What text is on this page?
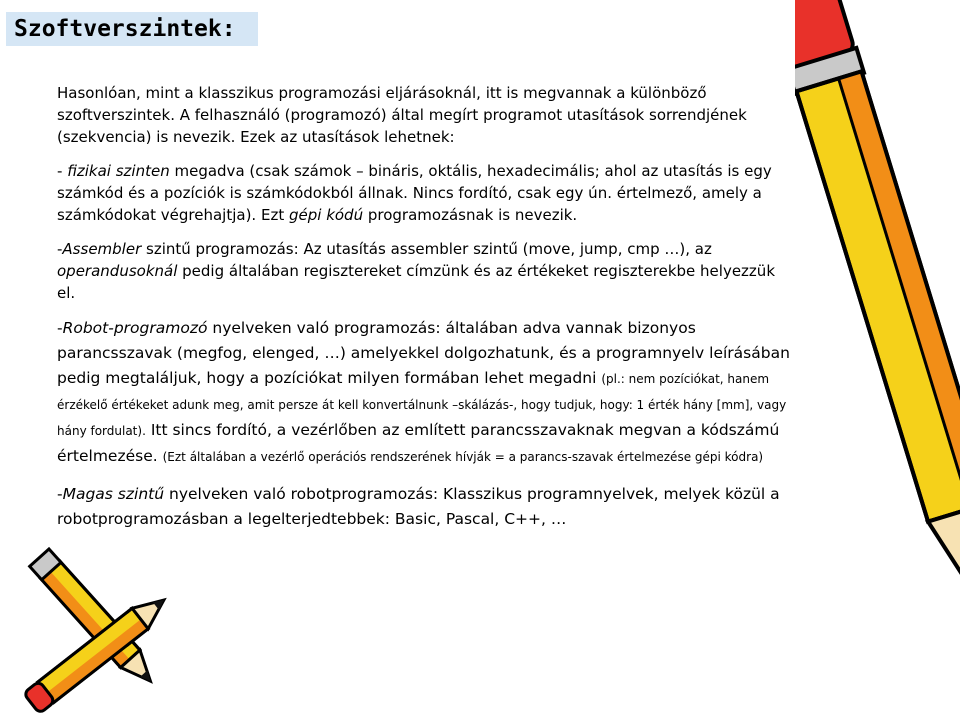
Szoftverszintek:

Hasonlóan, mint a klasszikus programozási eljárásoknál, itt is megvannak a különböző szoftverszintek. A felhasználó (programozó) által megírt programot utasítások sorrendjének (szekvencia) is nevezik. Ezek az utasítások lehetnek:

- fizikai szinten megadva (csak számok – bináris, oktális, hexadecimális; ahol az utasítás is egy számkód és a pozíciók is számkódokból állnak. Nincs fordító, csak egy ún. értelmező, amely a számkódokat végrehajtja). Ezt gépi kódú programozásnak is nevezik.

-Assembler szintű programozás: Az utasítás assembler szintű (move, jump, cmp …), az operandusoknál pedig általában regisztereket címzünk és az értékeket regiszterekbe helyezzük el.

-Robot-programozó nyelveken való programozás: általában adva vannak bizonyos parancsszavak (megfog, elenged, …) amelyekkel dolgozhatunk, és a programnyelv leírásában pedig megtaláljuk, hogy a pozíciókat milyen formában lehet megadni (pl.: nem pozíciókat, hanem érzékelő értékeket adunk meg, amit persze át kell konvertálnunk –skálázás-, hogy tudjuk, hogy: 1 érték hány [mm], vagy hány fordulat). Itt sincs fordító, a vezérlőben az említett parancsszavaknak megvan a kódszámú értelmezése. (Ezt általában a vezérlő operációs rendszerének hívják = a parancs-szavak értelmezése gépi kódra)

-Magas szintű nyelveken való robotprogramozás: Klasszikus programnyelvek, melyek közül a robotprogramozásban a legelterjedtebbek: Basic, Pascal, C++, …
